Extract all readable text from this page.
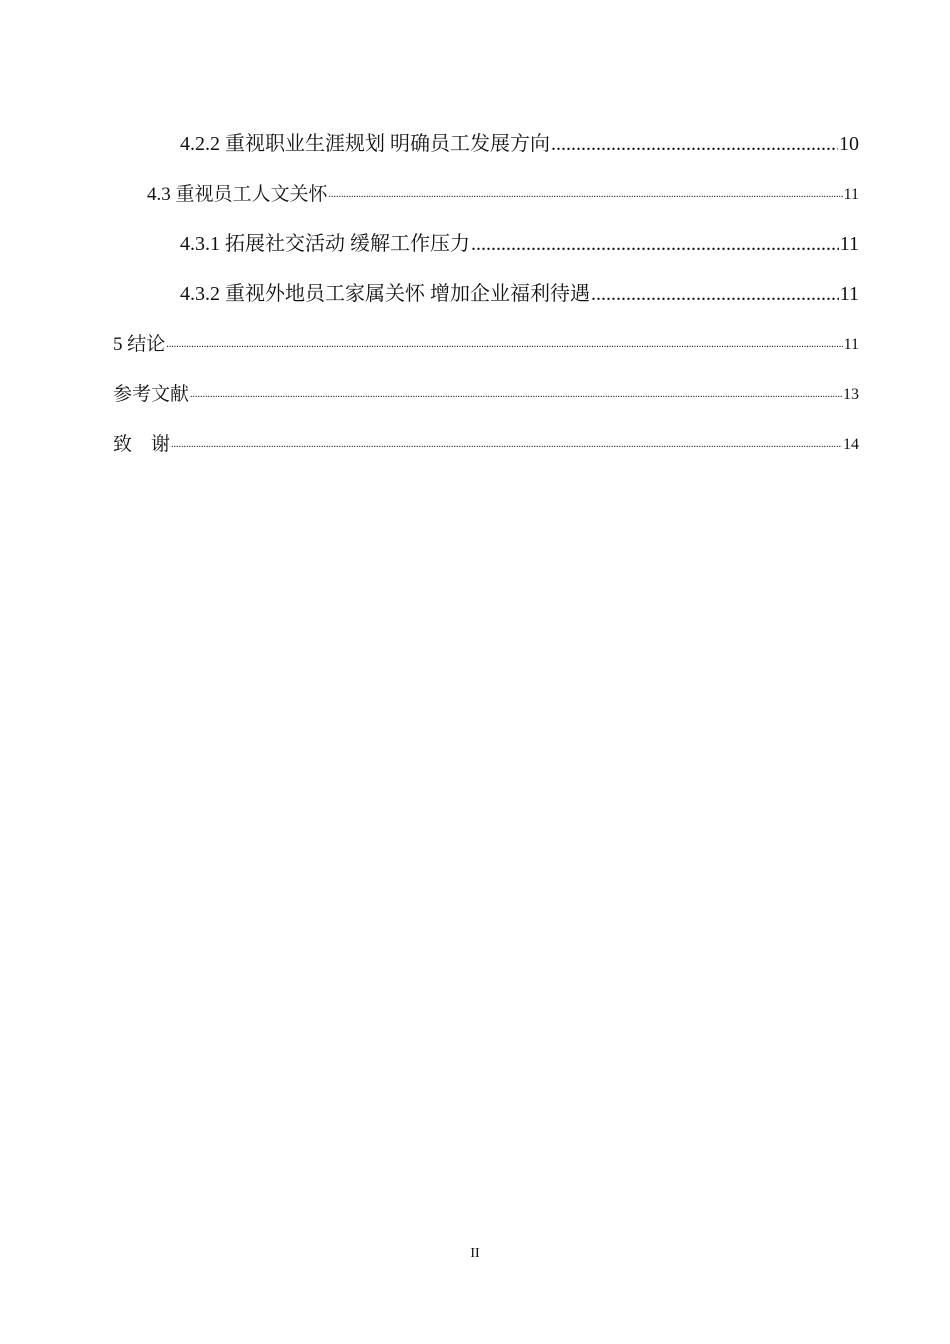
4.2.2 重视职业生涯规划 明确员工发展方向 .....	10
4.3 重视员工人文关怀 .....	11
4.3.1 拓展社交活动 缓解工作压力 .....	11
4.3.2 重视外地员工家属关怀 增加企业福利待遇 .....	11
5 结论 .....	11
参考文献 .....	13
致    谢 .....	14
II
